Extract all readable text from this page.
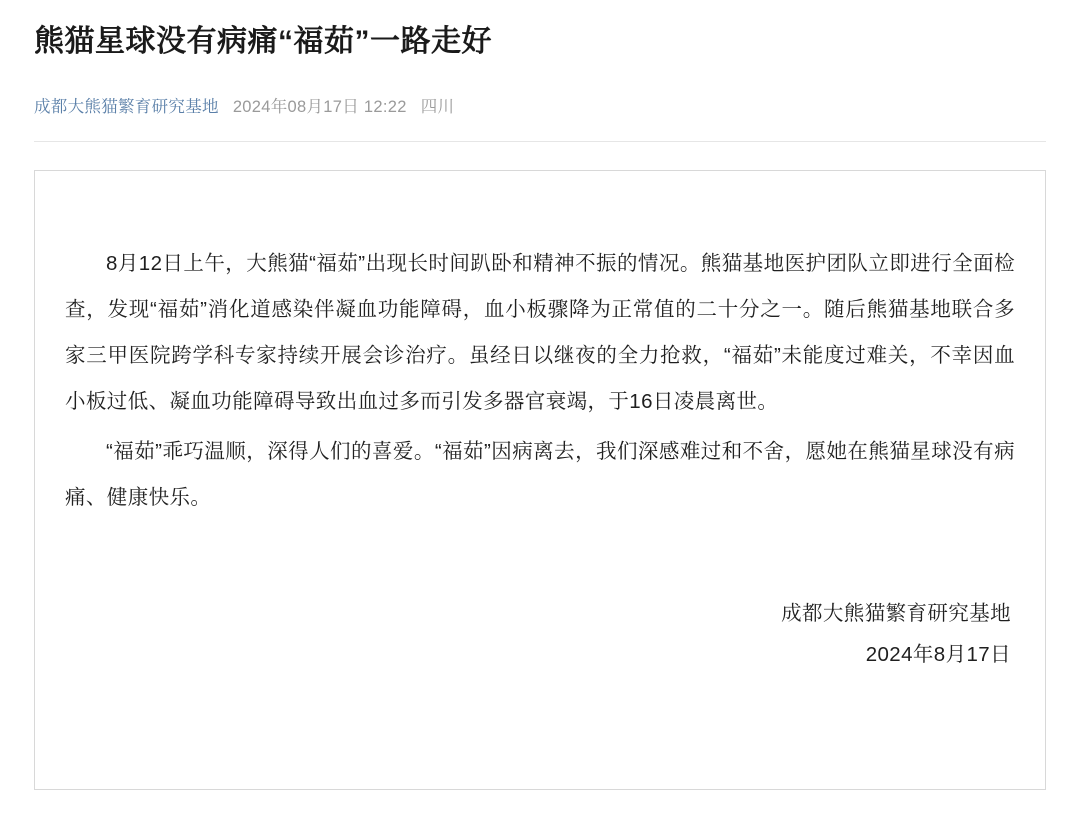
熊猫星球没有病痛“福茹”一路走好
成都大熊猫繁育研究基地 2024年08月17日 12:22 四川

8月12日上午，大熊猫“福茹”出现长时间趴卧和精神不振的情况。熊猫基地医护团队立即进行全面检查，发现“福茹”消化道感染伴凝血功能障碍，血小板骤降为正常值的二十分之一。随后熊猫基地联合多家三甲医院跨学科专家持续开展会诊治疗。虽经日以继夜的全力抢救，“福茹”未能度过难关，不幸因血小板过低、凝血功能障碍导致出血过多而引发多器官衰竭，于16日凌晨离世。

“福茹”乖巧温顺，深得人们的喜爱。“福茹”因病离去，我们深感难过和不舍，愿她在熊猫星球没有病痛、健康快乐。

成都大熊猫繁育研究基地
2024年8月17日
